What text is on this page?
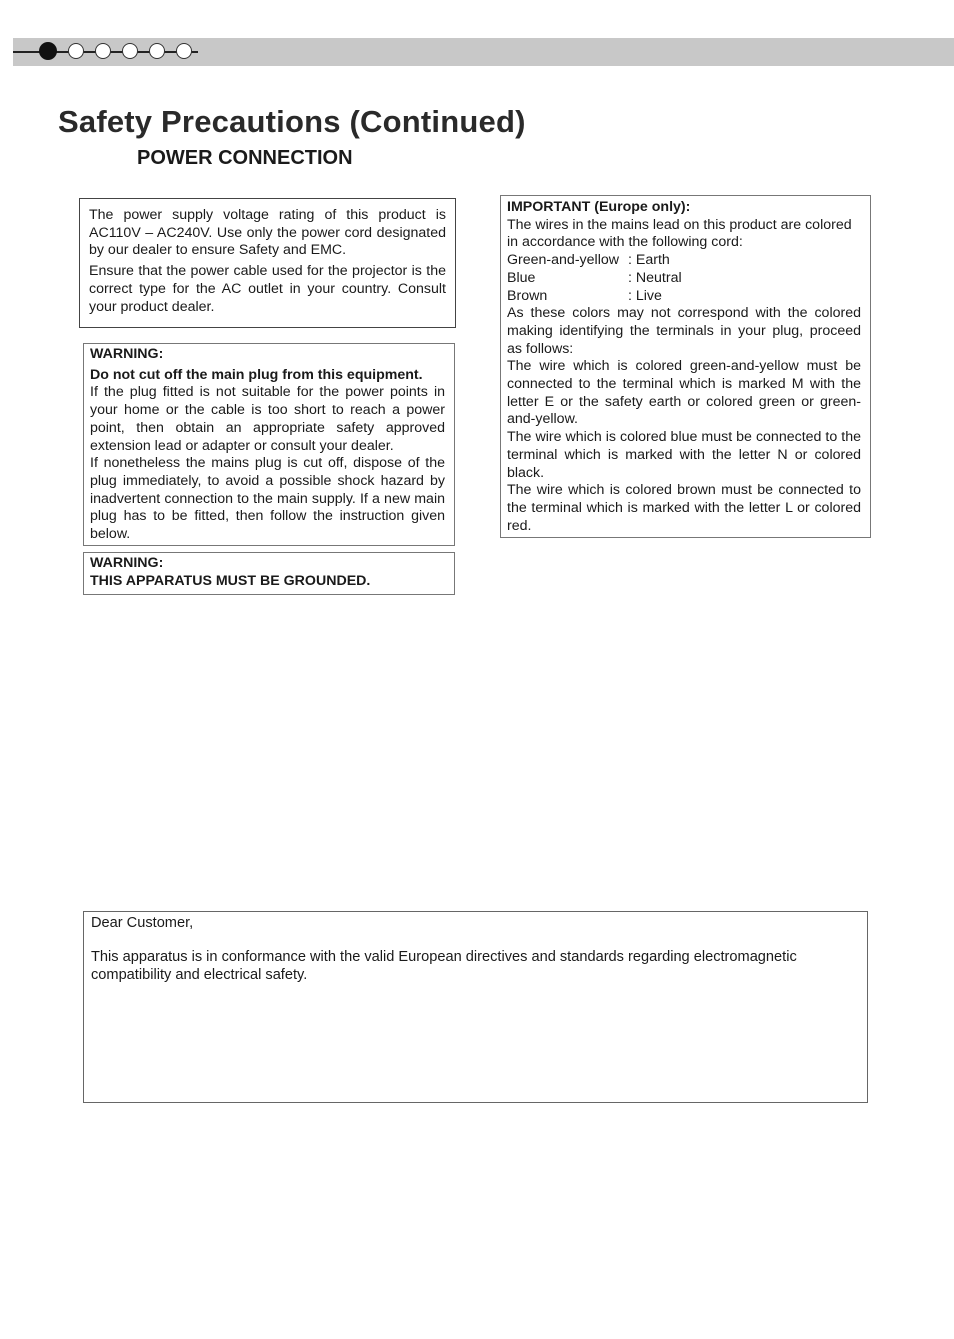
Safety Precautions (Continued)
POWER CONNECTION

The power supply voltage rating of this product is AC110V – AC240V. Use only the power cord designated by our dealer to ensure Safety and EMC.

Ensure that the power cable used for the projector is the correct type for the AC outlet in your country. Consult your product dealer.

WARNING:

Do not cut off the main plug from this equipment.

If the plug fitted is not suitable for the power points in your home or the cable is too short to reach a power point, then obtain an appropriate safety approved extension lead or adapter or consult your dealer.

If nonetheless the mains plug is cut off, dispose of the plug immediately, to avoid a possible shock hazard by inadvertent connection to the main supply. If a new main plug has to be fitted, then follow the instruction given below.

WARNING:

THIS APPARATUS MUST BE GROUNDED.

IMPORTANT (Europe only):

The wires in the mains lead on this product are colored in accordance with the following cord:

Green-and-yellow : Earth
Blue	: Neutral
Brown	: Live

As these colors may not correspond with the colored making identifying the terminals in your plug, proceed as follows:

The wire which is colored green-and-yellow must be connected to the terminal which is marked M with the letter E or the safety earth or colored green or green-and-yellow.

The wire which is colored blue must be connected to the terminal which is marked with the letter N or colored black.

The wire which is colored brown must be connected to the terminal which is marked with the letter L or colored red.

Dear Customer,

This apparatus is in conformance with the valid European directives and standards regarding electromagnetic compatibility and electrical safety.
